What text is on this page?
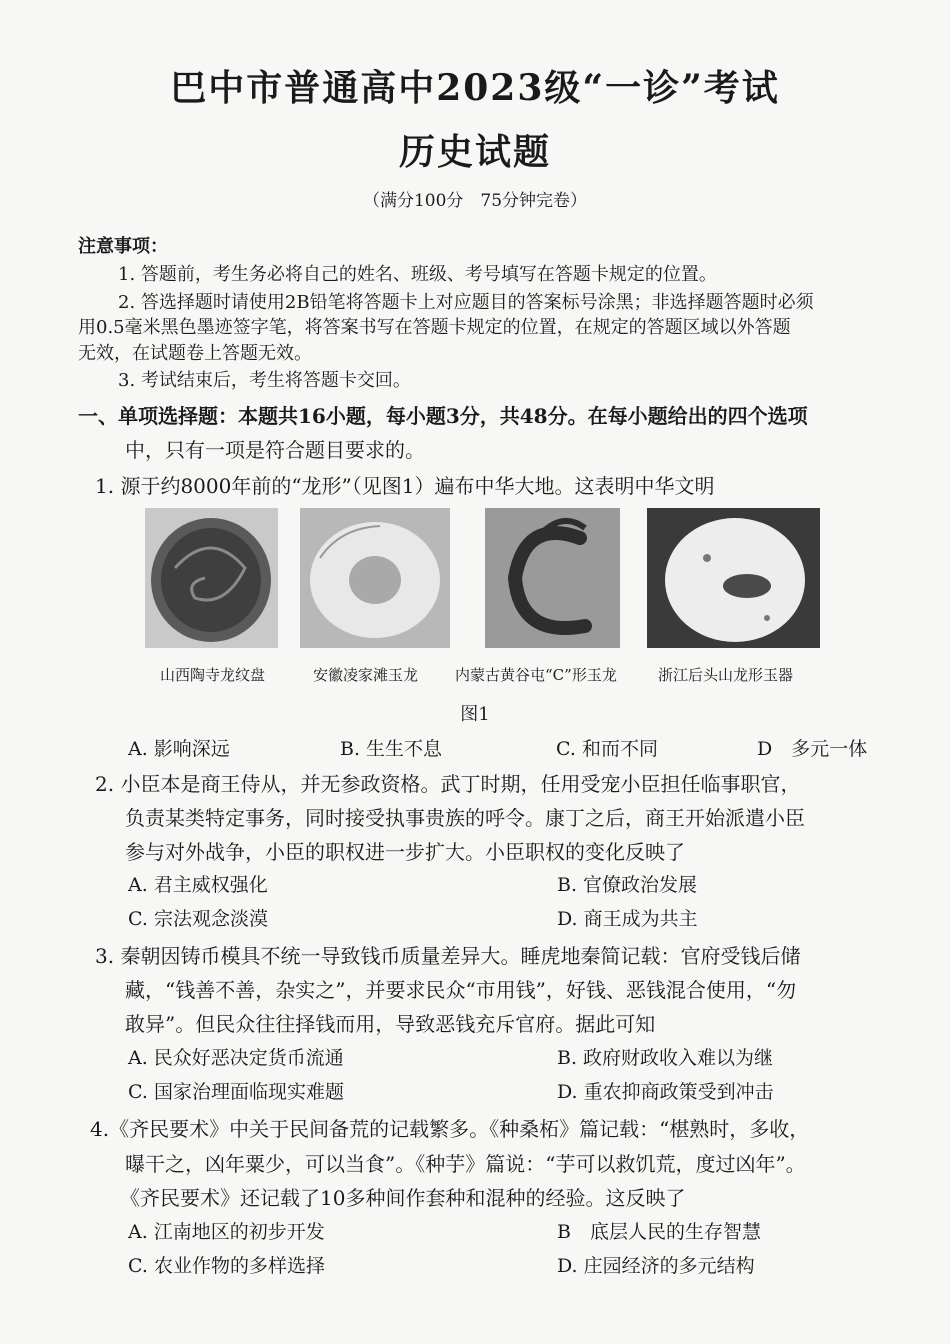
巴中市普通高中2023级“一诊”考试
历史试题
（满分100分　75分钟完卷）
注意事项：
1. 答题前，考生务必将自己的姓名、班级、考号填写在答题卡规定的位置。
2. 答选择题时请使用2B铅笔将答题卡上对应题目的答案标号涂黑；非选择题答题时必须
用0.5毫米黑色墨迹签字笔，将答案书写在答题卡规定的位置，在规定的答题区域以外答题
无效，在试题卷上答题无效。
3. 考试结束后，考生将答题卡交回。
一、单项选择题：本题共16小题，每小题3分，共48分。在每小题给出的四个选项
中，只有一项是符合题目要求的。
1. 源于约8000年前的“龙形”（见图1）遍布中华大地。这表明中华文明
山西陶寺龙纹盘	安徽凌家滩玉龙 内蒙古黄谷屯“C”形玉龙	浙江后头山龙形玉器
图1
A. 影响深远	B. 生生不息	C. 和而不同	D　多元一体
2. 小臣本是商王侍从，并无参政资格。武丁时期，任用受宠小臣担任临事职官，
负责某类特定事务，同时接受执事贵族的呼令。康丁之后，商王开始派遣小臣
参与对外战争，小臣的职权进一步扩大。小臣职权的变化反映了
A. 君主威权强化	B. 官僚政治发展
C. 宗法观念淡漠	D. 商王成为共主
3. 秦朝因铸币模具不统一导致钱币质量差异大。睡虎地秦简记载：官府受钱后储
藏，“钱善不善，杂实之”，并要求民众“市用钱”，好钱、恶钱混合使用，“勿
敢异”。但民众往往择钱而用，导致恶钱充斥官府。据此可知
A. 民众好恶决定货币流通	B. 政府财政收入难以为继
C. 国家治理面临现实难题	D. 重农抑商政策受到冲击
4.《齐民要术》中关于民间备荒的记载繁多。《种桑柘》篇记载：“椹熟时，多收，
曝干之，凶年粟少，可以当食”。《种芋》篇说：“芋可以救饥荒，度过凶年”。
《齐民要术》还记载了10多种间作套种和混种的经验。这反映了
A. 江南地区的初步开发	B　底层人民的生存智慧
C. 农业作物的多样选择	D. 庄园经济的多元结构
